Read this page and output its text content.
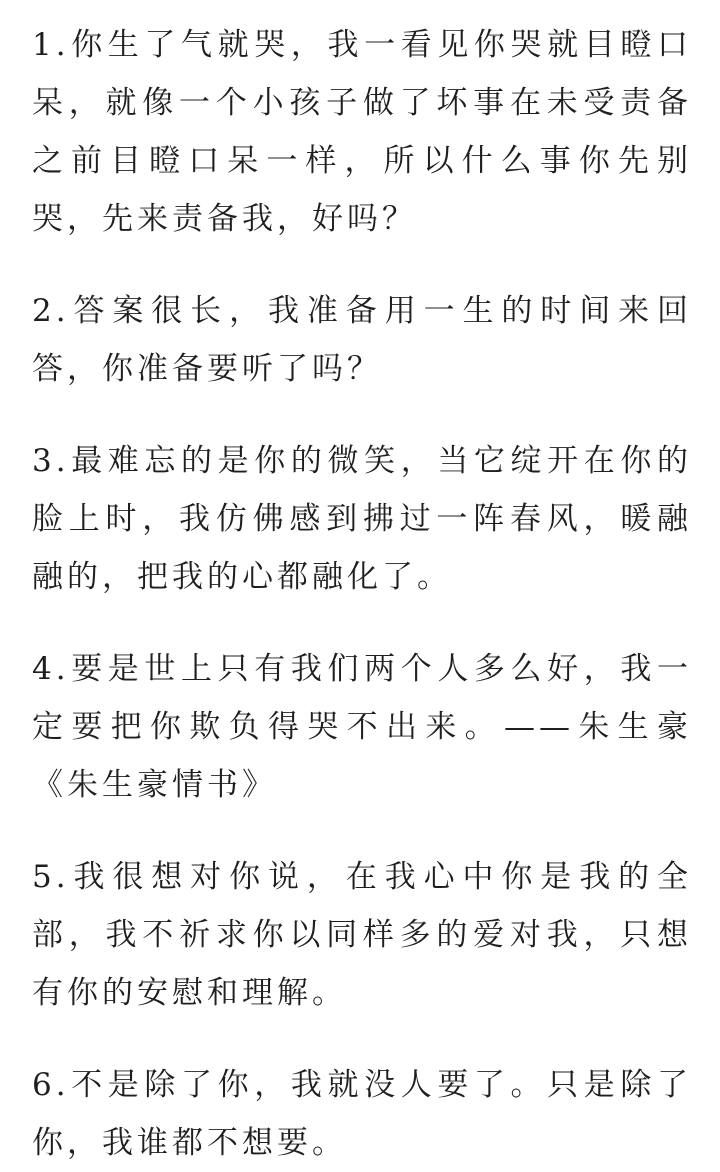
1.你生了气就哭，我一看见你哭就目瞪口呆，就像一个小孩子做了坏事在未受责备之前目瞪口呆一样，所以什么事你先别哭，先来责备我，好吗？

2.答案很长，我准备用一生的时间来回答，你准备要听了吗？

3.最难忘的是你的微笑，当它绽开在你的脸上时，我仿佛感到拂过一阵春风，暖融融的，把我的心都融化了。

4.要是世上只有我们两个人多么好，我一定要把你欺负得哭不出来。——朱生豪《朱生豪情书》

5.我很想对你说，在我心中你是我的全部，我不祈求你以同样多的爱对我，只想有你的安慰和理解。

6.不是除了你，我就没人要了。只是除了你，我谁都不想要。
